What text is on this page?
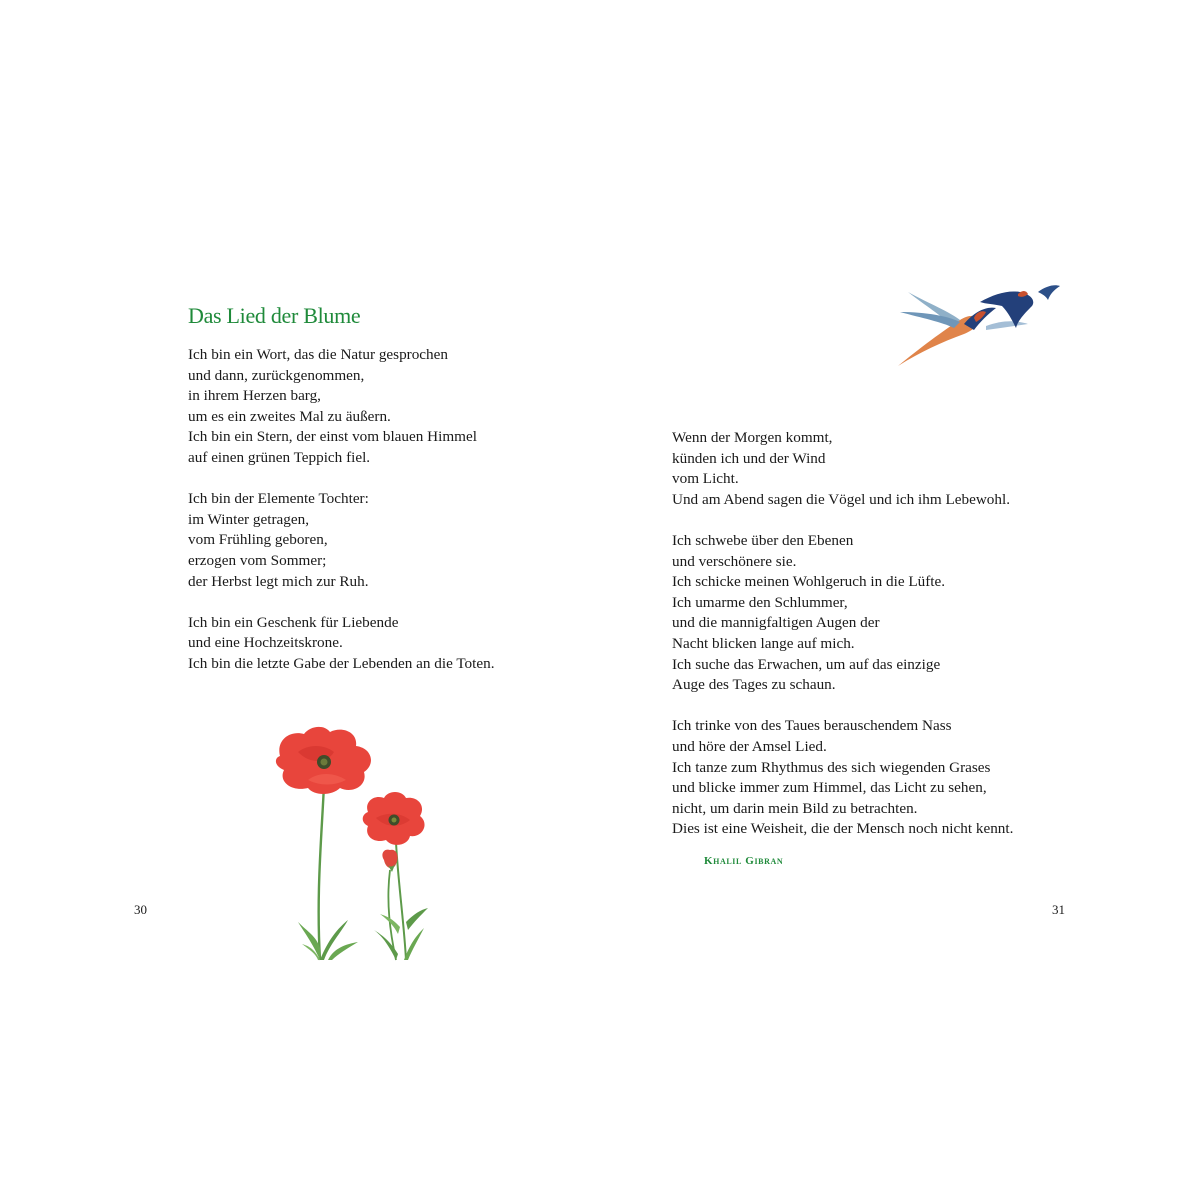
Das Lied der Blume
Ich bin ein Wort, das die Natur gesprochen
und dann, zurückgenommen,
in ihrem Herzen barg,
um es ein zweites Mal zu äußern.
Ich bin ein Stern, der einst vom blauen Himmel
auf einen grünen Teppich fiel.
Ich bin der Elemente Tochter:
im Winter getragen,
vom Frühling geboren,
erzogen vom Sommer;
der Herbst legt mich zur Ruh.
Ich bin ein Geschenk für Liebende
und eine Hochzeitskrone.
Ich bin die letzte Gabe der Lebenden an die Toten.
30
Wenn der Morgen kommt,
künden ich und der Wind
vom Licht.
Und am Abend sagen die Vögel und ich ihm Lebewohl.
Ich schwebe über den Ebenen
und verschönere sie.
Ich schicke meinen Wohlgeruch in die Lüfte.
Ich umarme den Schlummer,
und die mannigfaltigen Augen der
Nacht blicken lange auf mich.
Ich suche das Erwachen, um auf das einzige
Auge des Tages zu schaun.
Ich trinke von des Taues berauschendem Nass
und höre der Amsel Lied.
Ich tanze zum Rhythmus des sich wiegenden Grases
und blicke immer zum Himmel, das Licht zu sehen,
nicht, um darin mein Bild zu betrachten.
Dies ist eine Weisheit, die der Mensch noch nicht kennt.
Khalil Gibran
31
